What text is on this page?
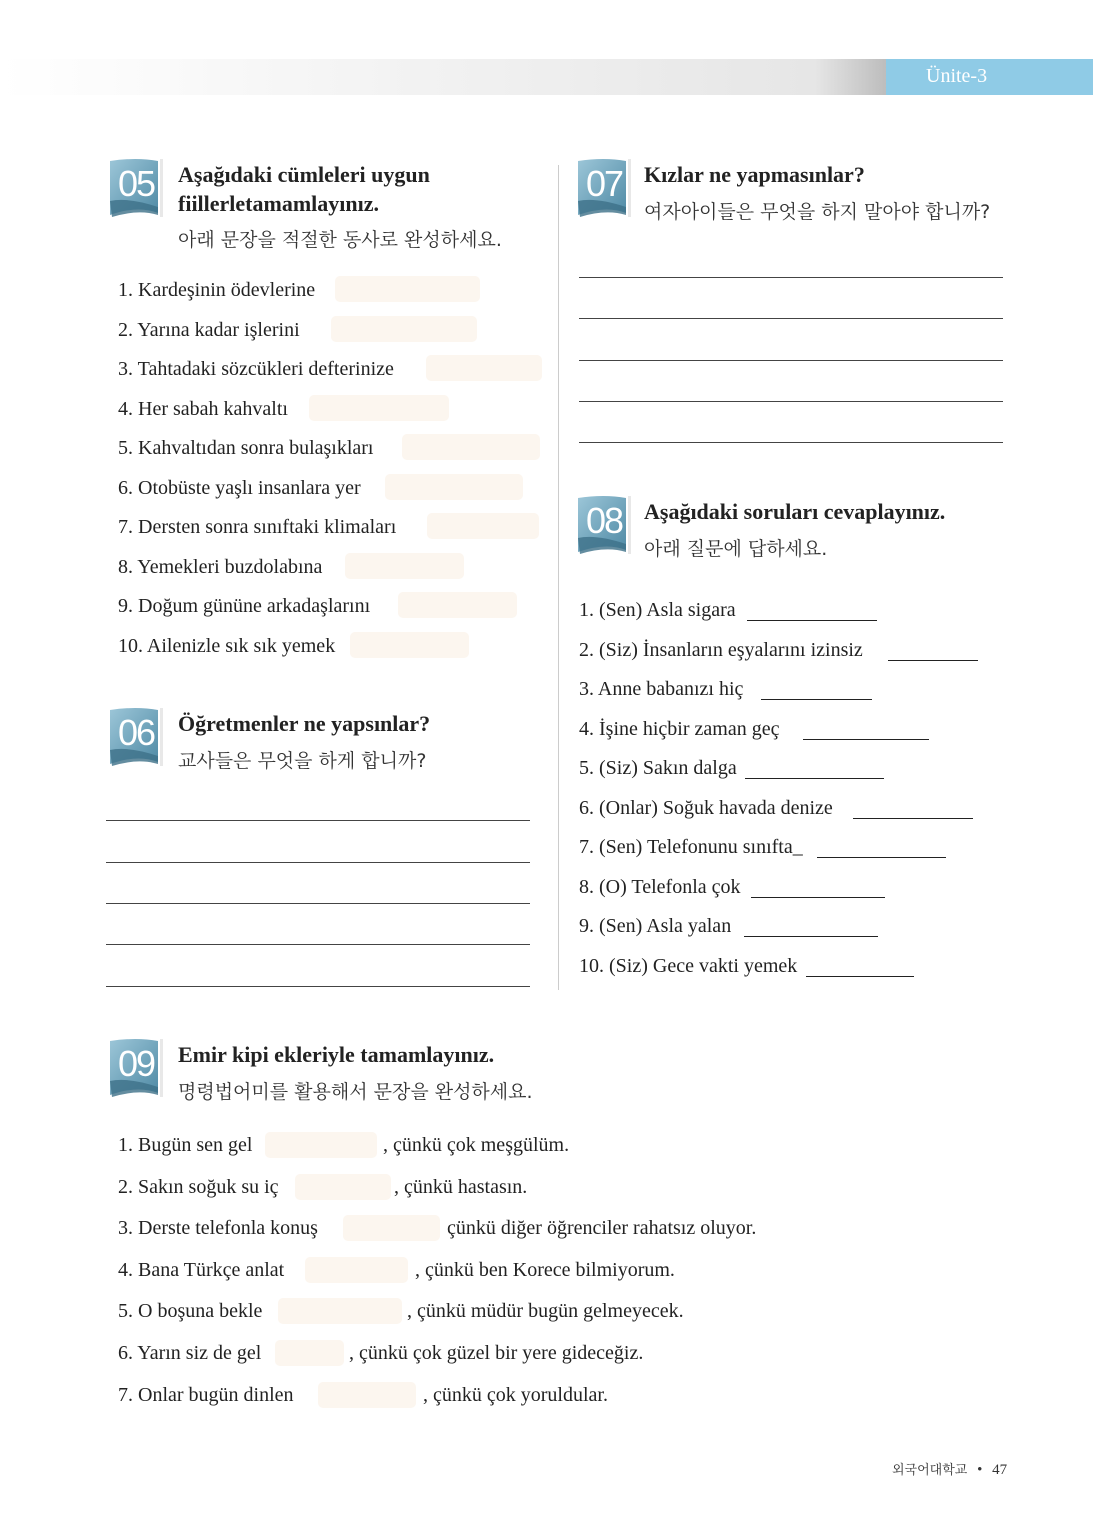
Ünite-3
05	Aşağıdaki cümleleri uygun
fiillerletamamlayınız.
아래 문장을 적절한 동사로 완성하세요.
1. Kardeşinin ödevlerine
2. Yarına kadar işlerini
3. Tahtadaki sözcükleri defterinize
4. Her sabah kahvaltı
5. Kahvaltıdan sonra bulaşıkları
6. Otobüste yaşlı insanlara yer
7. Dersten sonra sınıftaki klimaları
8. Yemekleri buzdolabına
9. Doğum gününe arkadaşlarını
10. Ailenizle sık sık yemek
06	Öğretmenler ne yapsınlar?
교사들은 무엇을 하게 합니까?
07 Kızlar ne yapmasınlar?
여자아이들은 무엇을 하지 말아야 합니까?
08 Aşağıdaki soruları cevaplayınız.
아래 질문에 답하세요.
1. (Sen) Asla sigara
2. (Siz) İnsanların eşyalarını izinsiz
3. Anne babanızı hiç
4. İşine hiçbir zaman geç
5. (Siz) Sakın dalga
6. (Onlar) Soğuk havada denize
7. (Sen) Telefonunu sınıfta_
8. (O) Telefonla çok
9. (Sen) Asla yalan
10. (Siz) Gece vakti yemek
09	Emir kipi ekleriyle tamamlayınız.
명령법어미를 활용해서 문장을 완성하세요.
1. Bugün sen gel	, çünkü çok meşgülüm.
2. Sakın soğuk su iç	, çünkü hastasın.
3. Derste telefonla konuş	çünkü diğer öğrenciler rahatsız oluyor.
4. Bana Türkçe anlat	, çünkü ben Korece bilmiyorum.
5. O boşuna bekle	, çünkü müdür bugün gelmeyecek.
6. Yarın siz de gel	, çünkü çok güzel bir yere gideceğiz.
7. Onlar bugün dinlen	, çünkü çok yoruldular.
외국어대학교 • 47
